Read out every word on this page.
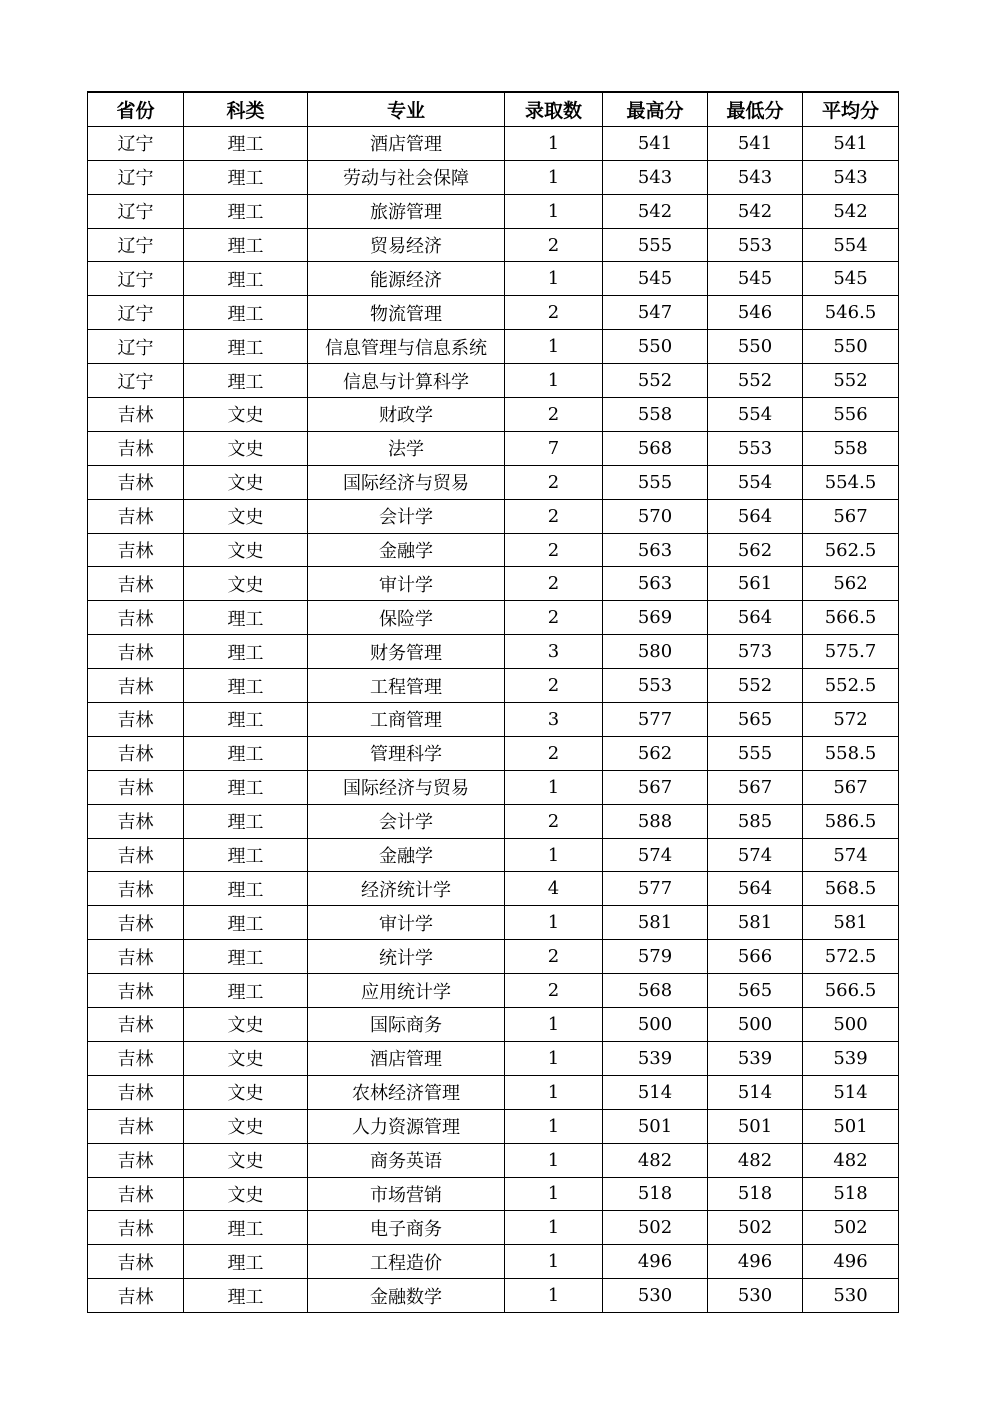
省份	科类	专业	录取数	最高分	最低分	平均分
辽宁	理工	酒店管理	1	541	541	541
辽宁	理工	劳动与社会保障	1	543	543	543
辽宁	理工	旅游管理	1	542	542	542
辽宁	理工	贸易经济	2	555	553	554
辽宁	理工	能源经济	1	545	545	545
辽宁	理工	物流管理	2	547	546	546.5
辽宁	理工	信息管理与信息系统	1	550	550	550
辽宁	理工	信息与计算科学	1	552	552	552
吉林	文史	财政学	2	558	554	556
吉林	文史	法学	7	568	553	558
吉林	文史	国际经济与贸易	2	555	554	554.5
吉林	文史	会计学	2	570	564	567
吉林	文史	金融学	2	563	562	562.5
吉林	文史	审计学	2	563	561	562
吉林	理工	保险学	2	569	564	566.5
吉林	理工	财务管理	3	580	573	575.7
吉林	理工	工程管理	2	553	552	552.5
吉林	理工	工商管理	3	577	565	572
吉林	理工	管理科学	2	562	555	558.5
吉林	理工	国际经济与贸易	1	567	567	567
吉林	理工	会计学	2	588	585	586.5
吉林	理工	金融学	1	574	574	574
吉林	理工	经济统计学	4	577	564	568.5
吉林	理工	审计学	1	581	581	581
吉林	理工	统计学	2	579	566	572.5
吉林	理工	应用统计学	2	568	565	566.5
吉林	文史	国际商务	1	500	500	500
吉林	文史	酒店管理	1	539	539	539
吉林	文史	农林经济管理	1	514	514	514
吉林	文史	人力资源管理	1	501	501	501
吉林	文史	商务英语	1	482	482	482
吉林	文史	市场营销	1	518	518	518
吉林	理工	电子商务	1	502	502	502
吉林	理工	工程造价	1	496	496	496
吉林	理工	金融数学	1	530	530	530
